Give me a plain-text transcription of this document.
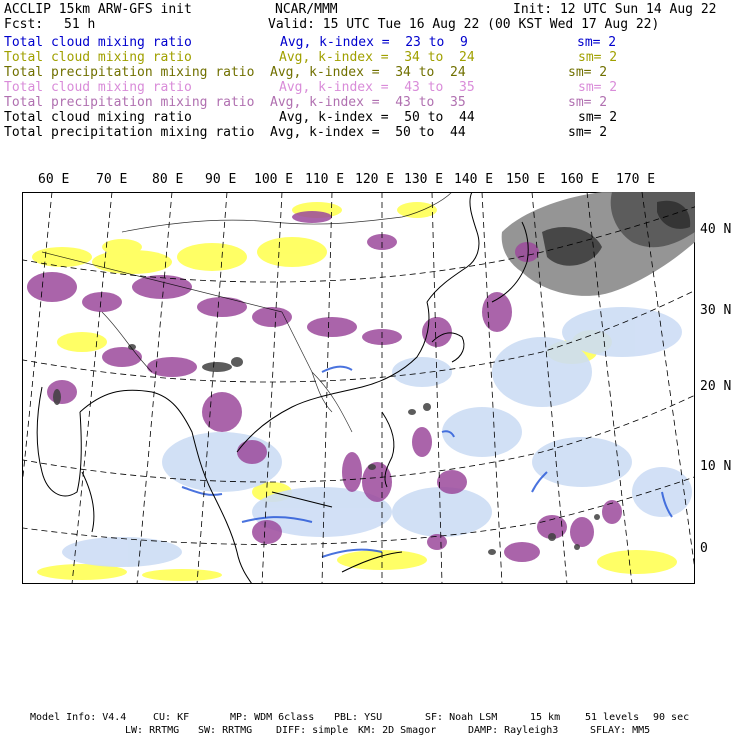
ACCLIP 15km ARW-GFS init	NCAR/MMM	Init: 12 UTC Sun 14 Aug 22
Fcst: 51 h	Valid: 15 UTC Tue 16 Aug 22 (00 KST Wed 17 Aug 22)
Total cloud mixing ratio	Avg, k-index =  23 to  9	sm= 2
Total cloud mixing ratio	Avg, k-index =  34 to  24	sm= 2
Total precipitation mixing ratio Avg, k-index =  34 to  24	sm= 2
Total cloud mixing ratio	Avg, k-index =  43 to  35	sm= 2
Total precipitation mixing ratio Avg, k-index =  43 to  35	sm= 2
Total cloud mixing ratio	Avg, k-index =  50 to  44	sm= 2
Total precipitation mixing ratio Avg, k-index =  50 to  44	sm= 2
60 E 70 E 80 E 90 E 100 E 110 E 120 E 130 E 140 E 150 E 160 E 170 E
40 N
30 N
20 N
10 N
0
Model Info: V4.4	CU: KF	MP: WDM 6class PBL: YSU	SF: Noah LSM	15 km 51 levels 90 sec
LW: RRTMG SW: RRTMG DIFF: simple KM: 2D Smagor	DAMP: Rayleigh3	SFLAY: MM5
